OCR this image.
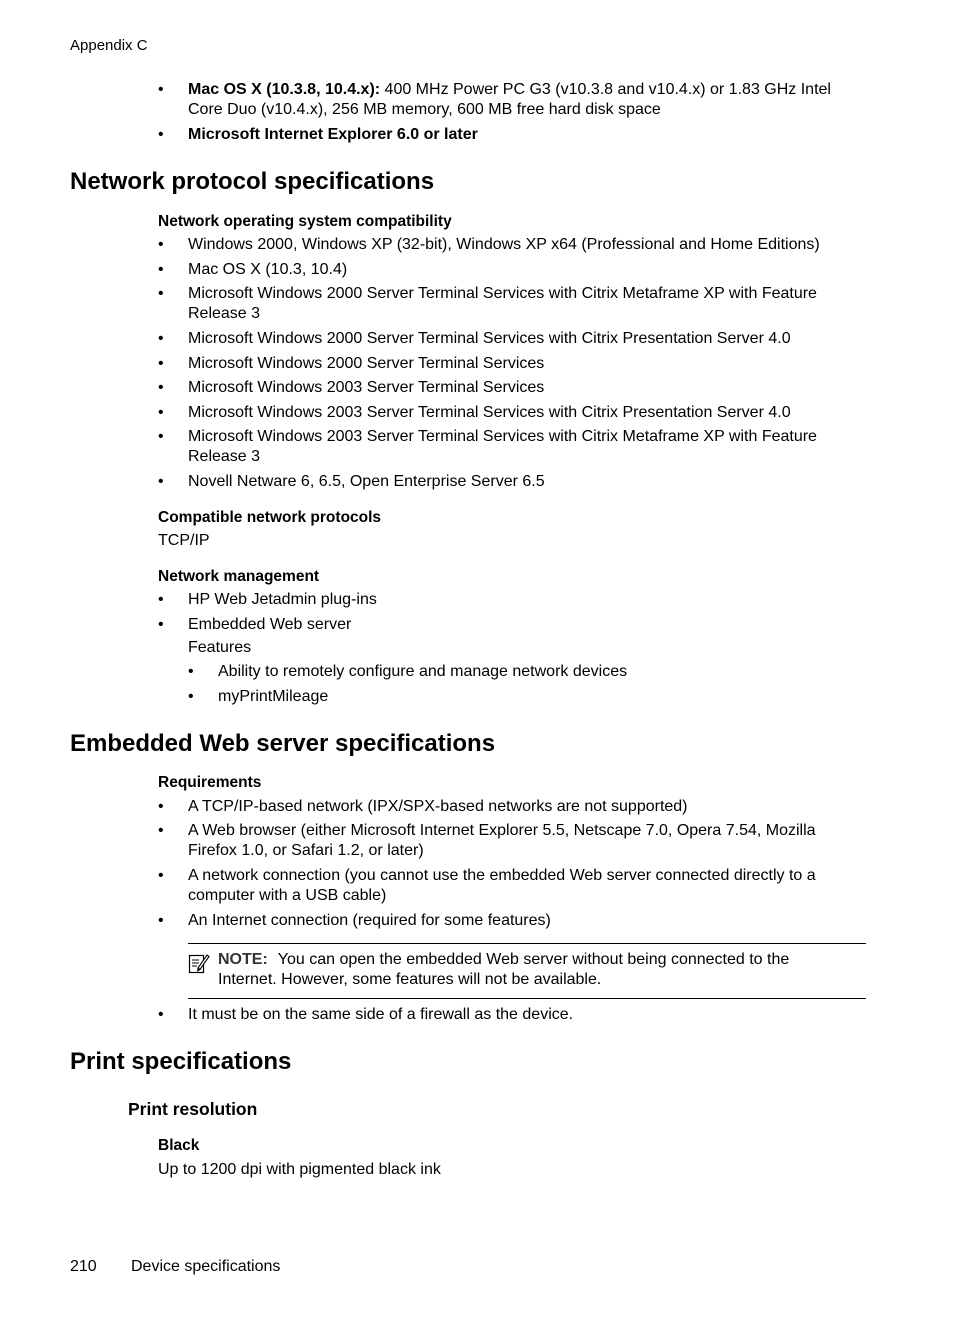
Appendix C
• Mac OS X (10.3.8, 10.4.x): 400 MHz Power PC G3 (v10.3.8 and v10.4.x) or 1.83 GHz Intel
Core Duo (v10.4.x), 256 MB memory, 600 MB free hard disk space
• Microsoft Internet Explorer 6.0 or later
Network protocol specifications
Network operating system compatibility
• Windows 2000, Windows XP (32-bit), Windows XP x64 (Professional and Home Editions)
• Mac OS X (10.3, 10.4)
• Microsoft Windows 2000 Server Terminal Services with Citrix Metaframe XP with Feature
Release 3
• Microsoft Windows 2000 Server Terminal Services with Citrix Presentation Server 4.0
• Microsoft Windows 2000 Server Terminal Services
• Microsoft Windows 2003 Server Terminal Services
• Microsoft Windows 2003 Server Terminal Services with Citrix Presentation Server 4.0
• Microsoft Windows 2003 Server Terminal Services with Citrix Metaframe XP with Feature
Release 3
• Novell Netware 6, 6.5, Open Enterprise Server 6.5
Compatible network protocols
TCP/IP
Network management
• HP Web Jetadmin plug-ins
• Embedded Web server
Features
• Ability to remotely configure and manage network devices
• myPrintMileage
Embedded Web server specifications
Requirements
• A TCP/IP-based network (IPX/SPX-based networks are not supported)
• A Web browser (either Microsoft Internet Explorer 5.5, Netscape 7.0, Opera 7.54, Mozilla
Firefox 1.0, or Safari 1.2, or later)
• A network connection (you cannot use the embedded Web server connected directly to a
computer with a USB cable)
• An Internet connection (required for some features)
NOTE: You can open the embedded Web server without being connected to the
Internet. However, some features will not be available.
• It must be on the same side of a firewall as the device.
Print specifications
Print resolution
Black
Up to 1200 dpi with pigmented black ink
210 Device specifications
